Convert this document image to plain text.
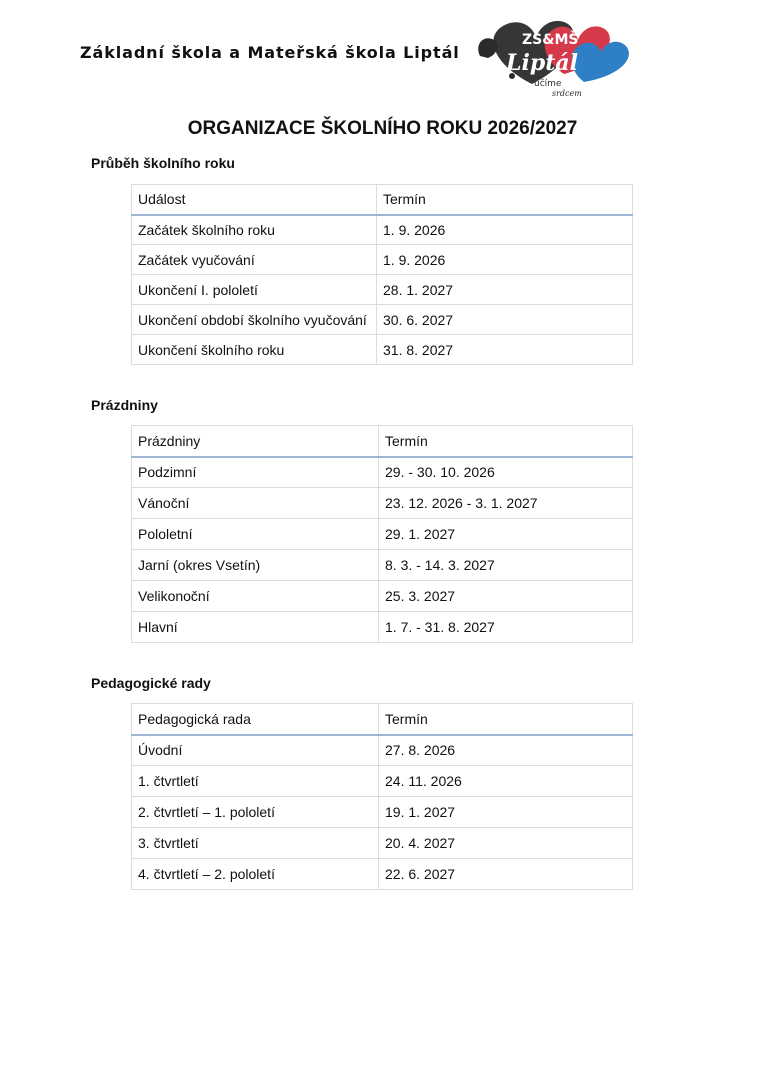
Základní škola a Mateřská škola Liptál
ZŠ&MŠ
Liptál
učíme
srdcem
ORGANIZACE ŠKOLNÍHO ROKU 2026/2027
Průběh školního roku
Událost	Termín
Začátek školního roku	1. 9. 2026
Začátek vyučování	1. 9. 2026
Ukončení I. pololetí	28. 1. 2027
Ukončení období školního vyučování	30. 6. 2027
Ukončení školního roku	31. 8. 2027
Prázdniny
Prázdniny	Termín
Podzimní	29. - 30. 10. 2026
Vánoční	23. 12. 2026 - 3. 1. 2027
Pololetní	29. 1. 2027
Jarní (okres Vsetín)	8. 3. - 14. 3. 2027
Velikonoční	25. 3. 2027
Hlavní	1. 7. - 31. 8. 2027
Pedagogické rady
Pedagogická rada	Termín
Úvodní	27. 8. 2026
1. čtvrtletí	24. 11. 2026
2. čtvrtletí – 1. pololetí	19. 1. 2027
3. čtvrtletí	20. 4. 2027
4. čtvrtletí – 2. pololetí	22. 6. 2027
